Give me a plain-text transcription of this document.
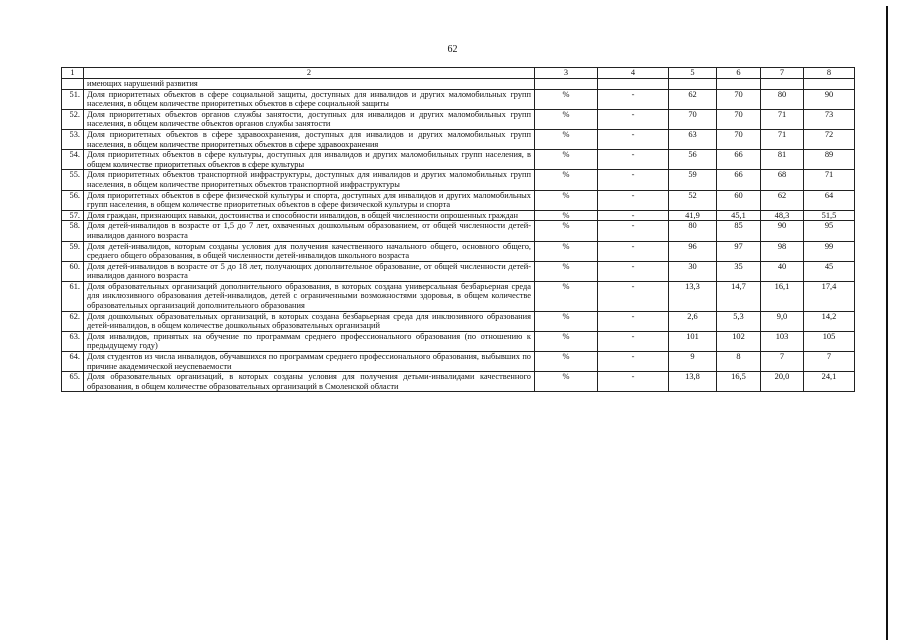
62
1	2	3	4	5	6	7	8
	имеющих нарушений развития						
51.	Доля приоритетных объектов в сфере социальной защиты, доступных для инвалидов и других маломобильных групп населения, в общем количестве приоритетных объектов в сфере социальной защиты	%	-	62	70	80	90
52.	Доля приоритетных объектов органов службы занятости, доступных для инвалидов и других маломобильных групп населения, в общем количестве объектов органов службы занятости	%	-	70	70	71	73
53.	Доля приоритетных объектов в сфере здравоохранения, доступных для инвалидов и других маломобильных групп населения, в общем количестве приоритетных объектов в сфере здравоохранения	%	-	63	70	71	72
54.	Доля приоритетных объектов в сфере культуры, доступных для инвалидов и других маломобильных групп населения, в общем количестве приоритетных объектов в сфере культуры	%	-	56	66	81	89
55.	Доля приоритетных объектов транспортной инфраструктуры, доступных для инвалидов и других маломобильных групп населения, в общем количестве приоритетных объектов транспортной инфраструктуры	%	-	59	66	68	71
56.	Доля приоритетных объектов в сфере физической культуры и спорта, доступных для инвалидов и других маломобильных групп населения, в общем количестве приоритетных объектов в сфере физической культуры и спорта	%	-	52	60	62	64
57.	Доля граждан, признающих навыки, достоинства и способности инвалидов, в общей численности опрошенных граждан	%	-	41,9	45,1	48,3	51,5
58.	Доля детей-инвалидов в возрасте от 1,5 до 7 лет, охваченных дошкольным образованием, от общей численности детей-инвалидов данного возраста	%	-	80	85	90	95
59.	Доля детей-инвалидов, которым созданы условия для получения качественного начального общего, основного общего, среднего общего образования, в общей численности детей-инвалидов школьного возраста	%	-	96	97	98	99
60.	Доля детей-инвалидов в возрасте от 5 до 18 лет, получающих дополнительное образование, от общей численности детей-инвалидов данного возраста	%	-	30	35	40	45
61.	Доля образовательных организаций дополнительного образования, в которых создана универсальная безбарьерная среда для инклюзивного образования детей-инвалидов, детей с ограниченными возможностями здоровья, в общем количестве образовательных организаций дополнительного образования	%	-	13,3	14,7	16,1	17,4
62.	Доля дошкольных образовательных организаций, в которых создана безбарьерная среда для инклюзивного образования детей-инвалидов, в общем количестве дошкольных образовательных организаций	%	-	2,6	5,3	9,0	14,2
63.	Доля инвалидов, принятых на обучение по программам среднего профессионального образования (по отношению к предыдущему году)	%	-	101	102	103	105
64.	Доля студентов из числа инвалидов, обучавшихся по программам среднего профессионального образования, выбывших по причине академической неуспеваемости	%	-	9	8	7	7
65.	Доля образовательных организаций, в которых созданы условия для получения детьми-инвалидами качественного образования, в общем количестве образовательных организаций в Смоленской области	%	-	13,8	16,5	20,0	24,1
